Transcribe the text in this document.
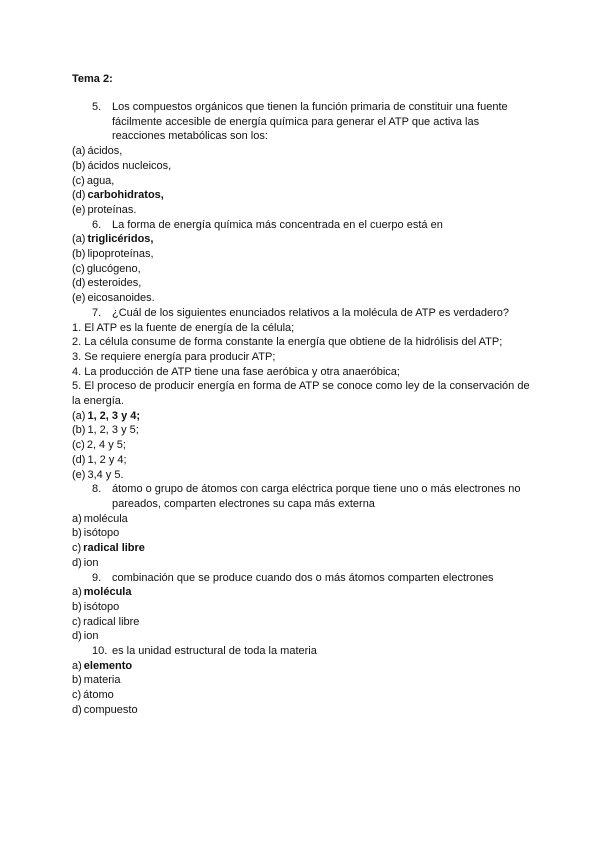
Tema 2:
5. Los compuestos orgánicos que tienen la función primaria de constituir una fuente fácilmente accesible de energía química para generar el ATP que activa las reacciones metabólicas son los:
(a) ácidos,
(b) ácidos nucleicos,
(c) agua,
(d) carbohidratos,
(e) proteínas.
6. La forma de energía química más concentrada en el cuerpo está en
(a) triglicéridos,
(b) lipoproteínas,
(c) glucógeno,
(d) esteroides,
(e) eicosanoides.
7. ¿Cuál de los siguientes enunciados relativos a la molécula de ATP es verdadero?
1. El ATP es la fuente de energía de la célula;
2. La célula consume de forma constante la energía que obtiene de la hidrólisis del ATP;
3. Se requiere energía para producir ATP;
4. La producción de ATP tiene una fase aeróbica y otra anaeróbica;
5. El proceso de producir energía en forma de ATP se conoce como ley de la conservación de la energía.
(a) 1, 2, 3 y 4;
(b) 1, 2, 3 y 5;
(c) 2, 4 y 5;
(d) 1, 2 y 4;
(e) 3,4 y 5.
8. átomo o grupo de átomos con carga eléctrica porque tiene uno o más electrones no pareados, comparten electrones su capa más externa
a) molécula
b) isótopo
c) radical libre
d) ion
9. combinación que se produce cuando dos o más átomos comparten electrones
a) molécula
b) isótopo
c) radical libre
d) ion
10. es la unidad estructural de toda la materia
a) elemento
b) materia
c) átomo
d) compuesto
